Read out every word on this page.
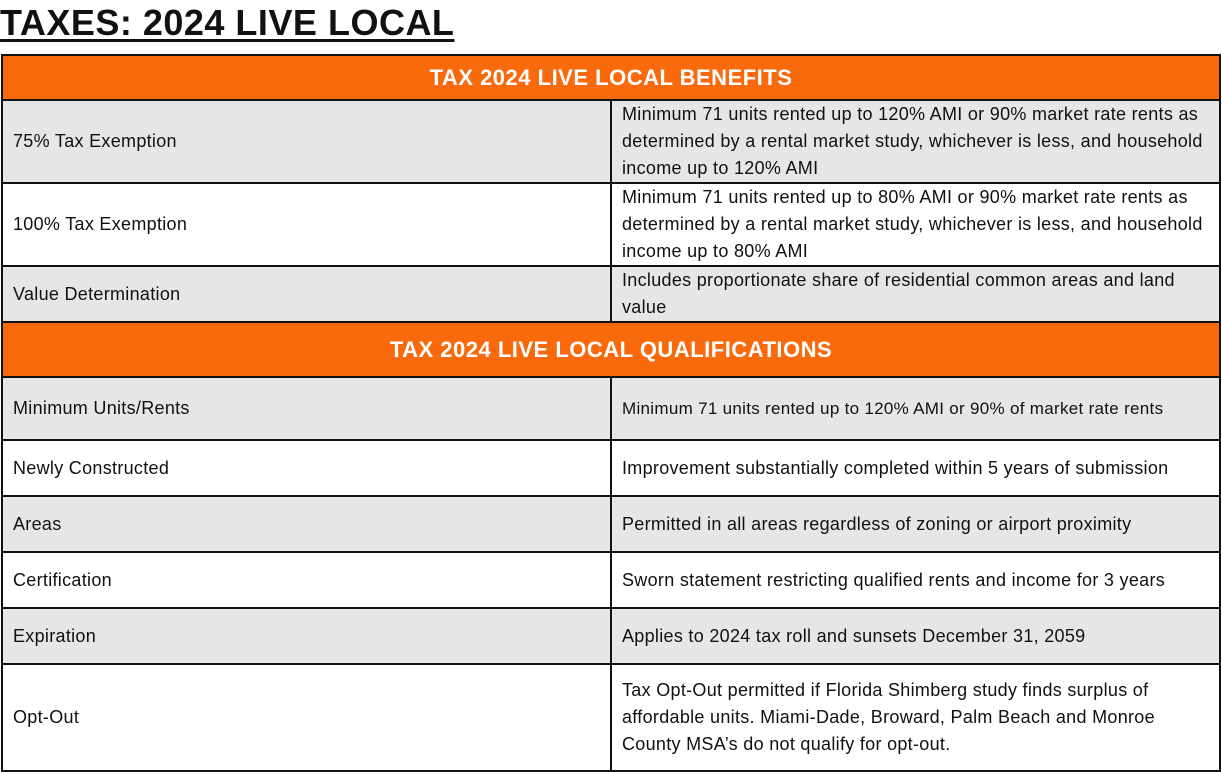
TAXES: 2024 LIVE LOCAL
TAX 2024 LIVE LOCAL BENEFITS	
75% Tax Exemption	Minimum 71 units rented up to 120% AMI or 90% market rate rents as determined by a rental market study, whichever is less, and household income up to 120% AMI
100% Tax Exemption	Minimum 71 units rented up to 80% AMI or 90% market rate rents as determined by a rental market study, whichever is less, and household income up to 80% AMI
Value Determination	Includes proportionate share of residential common areas and land value
TAX 2024 LIVE LOCAL QUALIFICATIONS	
Minimum Units/Rents	Minimum 71 units rented up to 120% AMI or 90% of market rate rents
Newly Constructed	Improvement substantially completed within 5 years of submission
Areas	Permitted in all areas regardless of zoning or airport proximity
Certification	Sworn statement restricting qualified rents and income for 3 years
Expiration	Applies to 2024 tax roll and sunsets December 31, 2059
Opt-Out	Tax Opt-Out permitted if Florida Shimberg study finds surplus of affordable units. Miami-Dade, Broward, Palm Beach and Monroe County MSA’s do not qualify for opt-out.
